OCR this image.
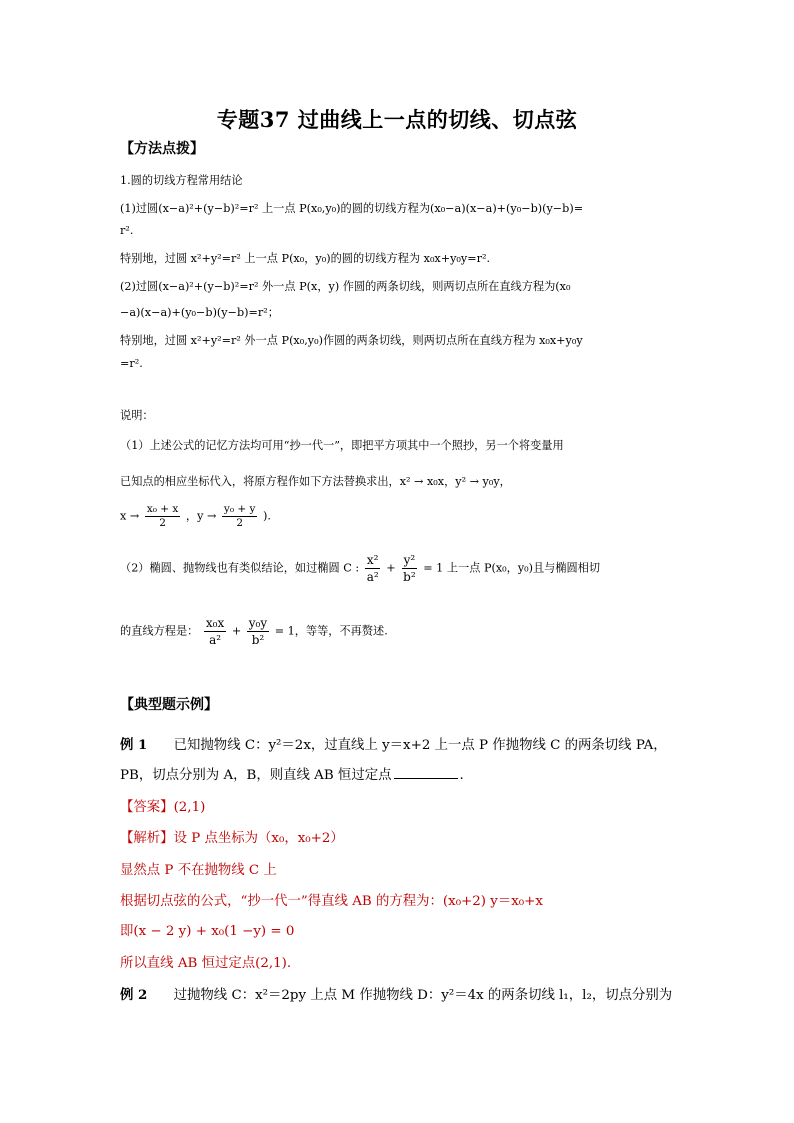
专题37 过曲线上一点的切线、切点弦
【方法点拨】
1.圆的切线方程常用结论
(1)过圆(x−a)²+(y−b)²=r² 上一点 P(x₀,y₀)的圆的切线方程为(x₀−a)(x−a)+(y₀−b)(y−b)=
r².
特别地，过圆 x²+y²=r² 上一点 P(x₀，y₀)的圆的切线方程为 x₀x+y₀y=r².
(2)过圆(x−a)²+(y−b)²=r² 外一点 P(x，y) 作圆的两条切线，则两切点所在直线方程为(x₀
−a)(x−a)+(y₀−b)(y−b)=r²；
特别地，过圆 x²+y²=r² 外一点 P(x₀,y₀)作圆的两条切线，则两切点所在直线方程为 x₀x+y₀y
=r².
说明：
（1）上述公式的记忆方法均可用“抄一代一”，即把平方项其中一个照抄，另一个将变量用
已知点的相应坐标代入，将原方程作如下方法替换求出，x² → x₀x，y² → y₀y，
$x \to \frac{\text{x₀ + x}}{2}$ ，$y \to \frac{\text{y₀ + y}}{2}$ ).
（2）椭圆、抛物线也有类似结论，如过椭圆 C : $\frac{\text{x²}}{\text{a²}} + \frac{\text{y²}}{\text{b²}} = 1$ 上一点 P(x₀，y₀)且与椭圆相切
的直线方程是： $\frac{\text{x₀x}}{\text{a²}} + \frac{\text{y₀y}}{\text{b²}} = 1$，等等，不再赘述.
【典型题示例】
例 1 已知抛物线 C：y²＝2x，过直线上 y＝x+2 上一点 P 作抛物线 C 的两条切线 PA，
PB，切点分别为 A，B，则直线 AB 恒过定点	.
【答案】(2,1)
【解析】设 P 点坐标为（x₀，x₀+2）
显然点 P 不在抛物线 C 上
根据切点弦的公式，“抄一代一”得直线 AB 的方程为：(x₀+2) y＝x₀+x
即(x − 2 y) + x₀(1 −y) = 0
所以直线 AB 恒过定点(2,1).
例 2 过抛物线 C：x²＝2py 上点 M 作抛物线 D：y²＝4x 的两条切线 l₁，l₂，切点分别为
